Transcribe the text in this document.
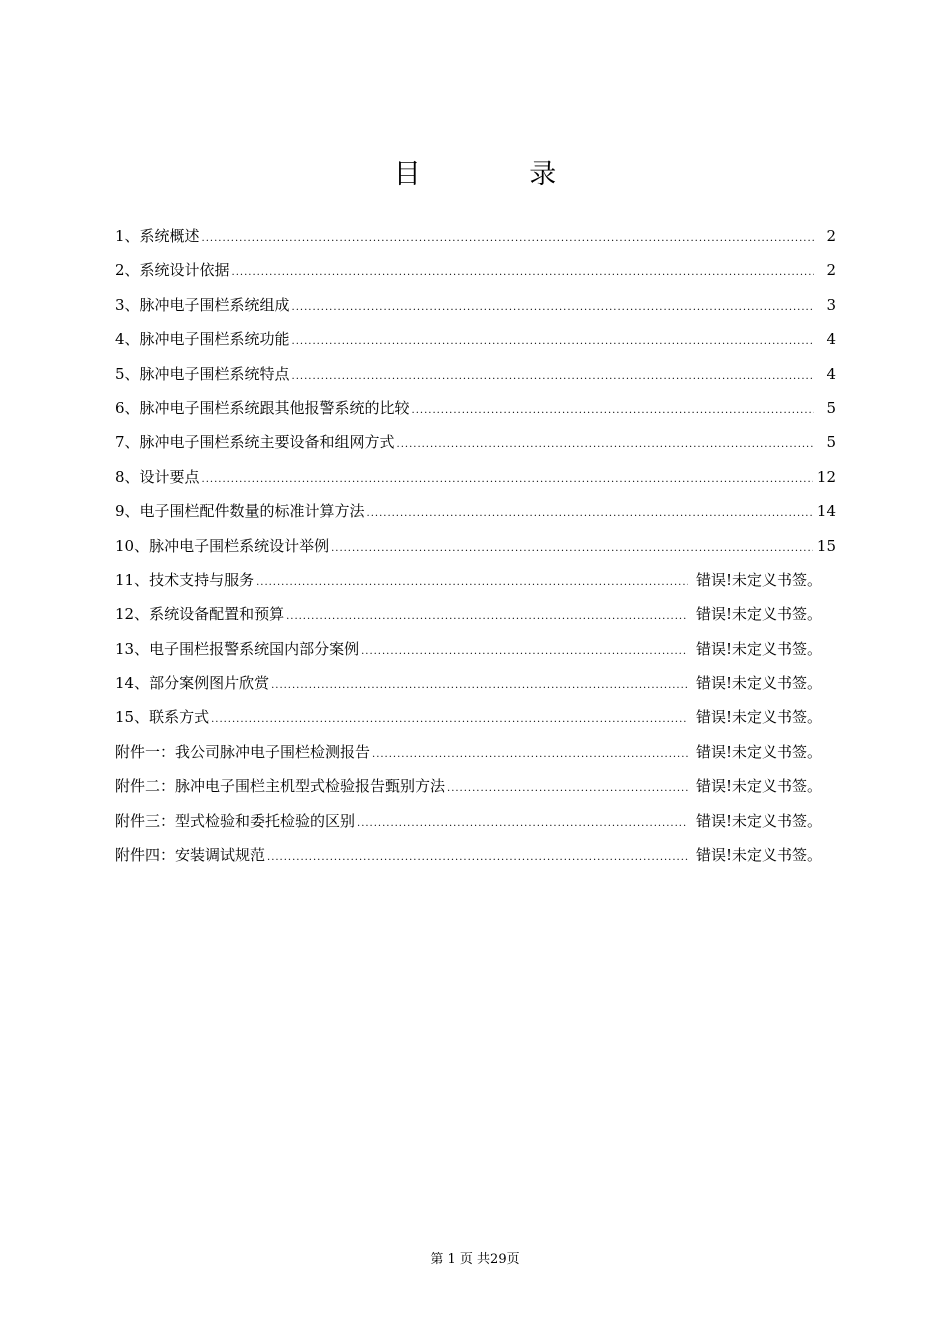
目	录
1、系统概述 .....	2
2、系统设计依据 .....	2
3、脉冲电子围栏系统组成 .....	3
4、脉冲电子围栏系统功能 .....	4
5、脉冲电子围栏系统特点 .....	4
6、脉冲电子围栏系统跟其他报警系统的比较 .....	5
7、脉冲电子围栏系统主要设备和组网方式 .....	5
8、设计要点 .....	12
9、电子围栏配件数量的标准计算方法 .....	14
10、脉冲电子围栏系统设计举例 .....	15
11、技术支持与服务 .....	错误!未定义书签。
12、系统设备配置和预算 .....	错误!未定义书签。
13、电子围栏报警系统国内部分案例 .....	错误!未定义书签。
14、部分案例图片欣赏 .....	错误!未定义书签。
15、联系方式 .....	错误!未定义书签。
附件一：我公司脉冲电子围栏检测报告 .....	错误!未定义书签。
附件二：脉冲电子围栏主机型式检验报告甄别方法 .....	错误!未定义书签。
附件三：型式检验和委托检验的区别 .....	错误!未定义书签。
附件四：安装调试规范 .....	错误!未定义书签。
第 1 页 共29页
